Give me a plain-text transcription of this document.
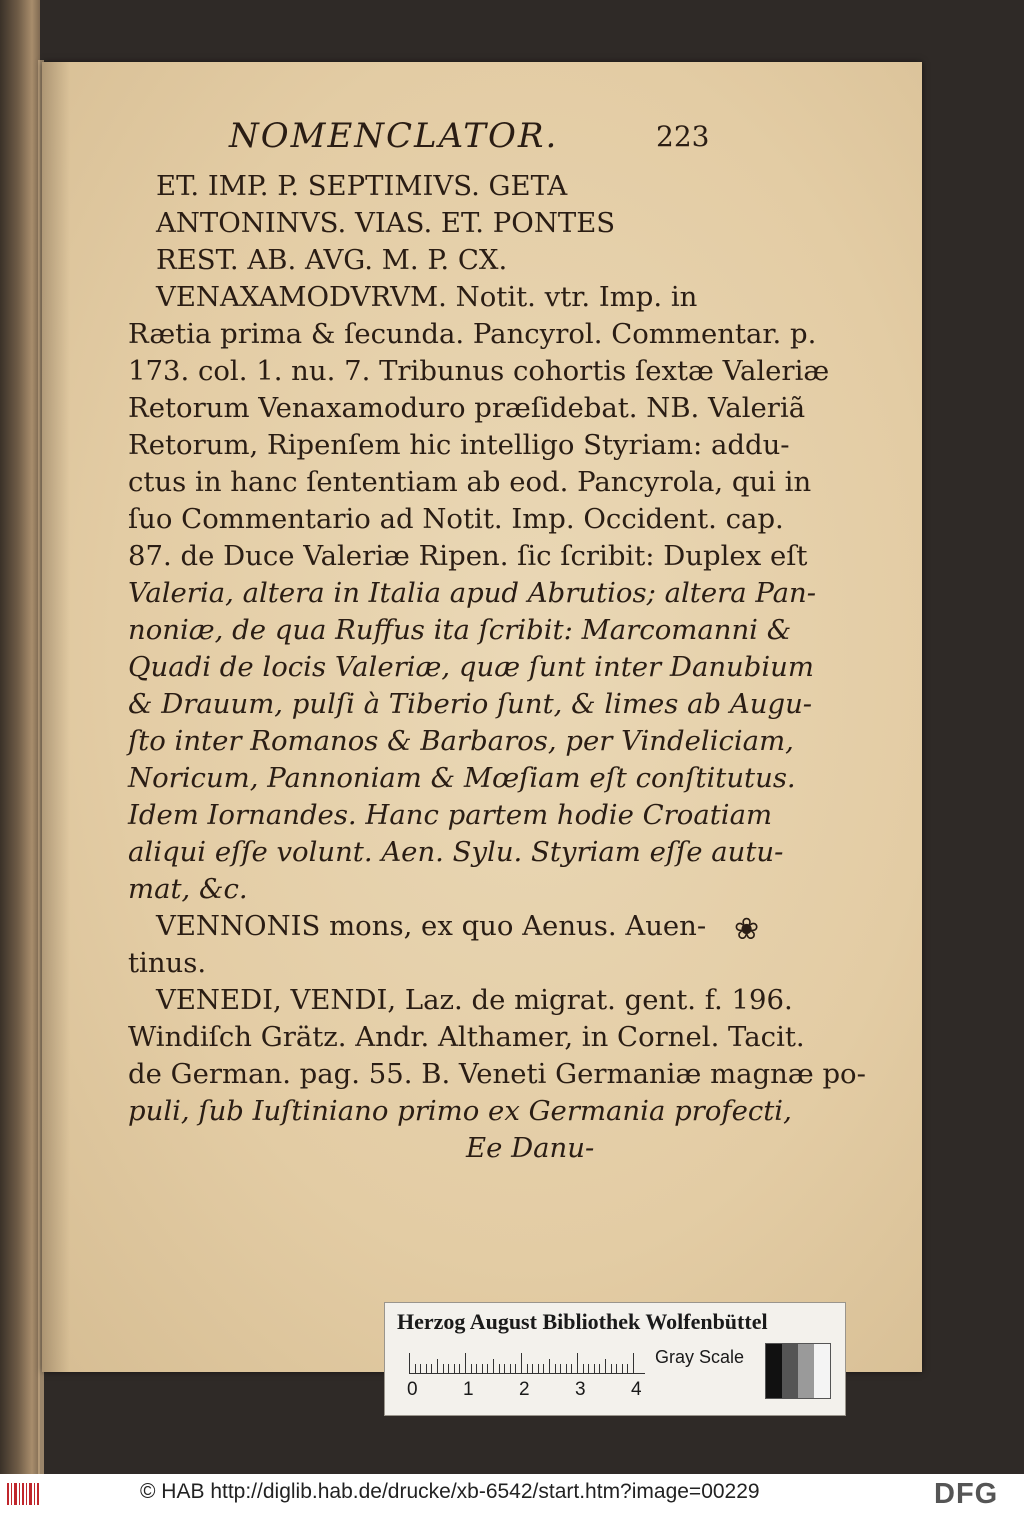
NOMENCLATOR.	223
ET. IMP. P. SEPTIMIVS. GETA
ANTONINVS. VIAS. ET. PONTES
REST. AB. AVG. M. P. CX.
VENAXAMODVRVM. Notit. vtr. Imp. in
Rætia prima & ſecunda. Pancyrol. Commentar. p.
173. col. 1. nu. 7. Tribunus cohortis ſextæ Valeriæ
Retorum Venaxamoduro præſidebat. NB. Valeriã
Retorum, Ripenſem hic intelligo Styriam: addu-
ctus in hanc ſententiam ab eod. Pancyrola, qui in
ſuo Commentario ad Notit. Imp. Occident. cap.
87. de Duce Valeriæ Ripen. ſic ſcribit: Duplex eſt
Valeria, altera in Italia apud Abrutios; altera Pan-
noniæ, de qua Ruffus ita ſcribit: Marcomanni &
Quadi de locis Valeriæ, quæ ſunt inter Danubium
& Drauum, pulſi à Tiberio ſunt, & limes ab Augu-
ſto inter Romanos & Barbaros, per Vindeliciam,
Noricum, Pannoniam & Mœſiam eſt conſtitutus.
Idem Iornandes. Hanc partem hodie Croatiam
aliqui eſſe volunt. Aen. Sylu. Styriam eſſe autu-
mat, &c.
VENNONIS mons, ex quo Aenus. Auen-
tinus.
VENEDI, VENDI, Laz. de migrat. gent. f. 196.
Windiſch Grätz. Andr. Althamer, in Cornel. Tacit.
de German. pag. 55. B. Veneti Germaniæ magnæ po-
puli, ſub Iuſtiniano primo ex Germania profecti,
Ee Danu-
❀
Herzog August Bibliothek Wolfenbüttel
0 1 2 3 4
Gray Scale
© HAB http://diglib.hab.de/drucke/xb-6542/start.htm?image=00229	DFG
